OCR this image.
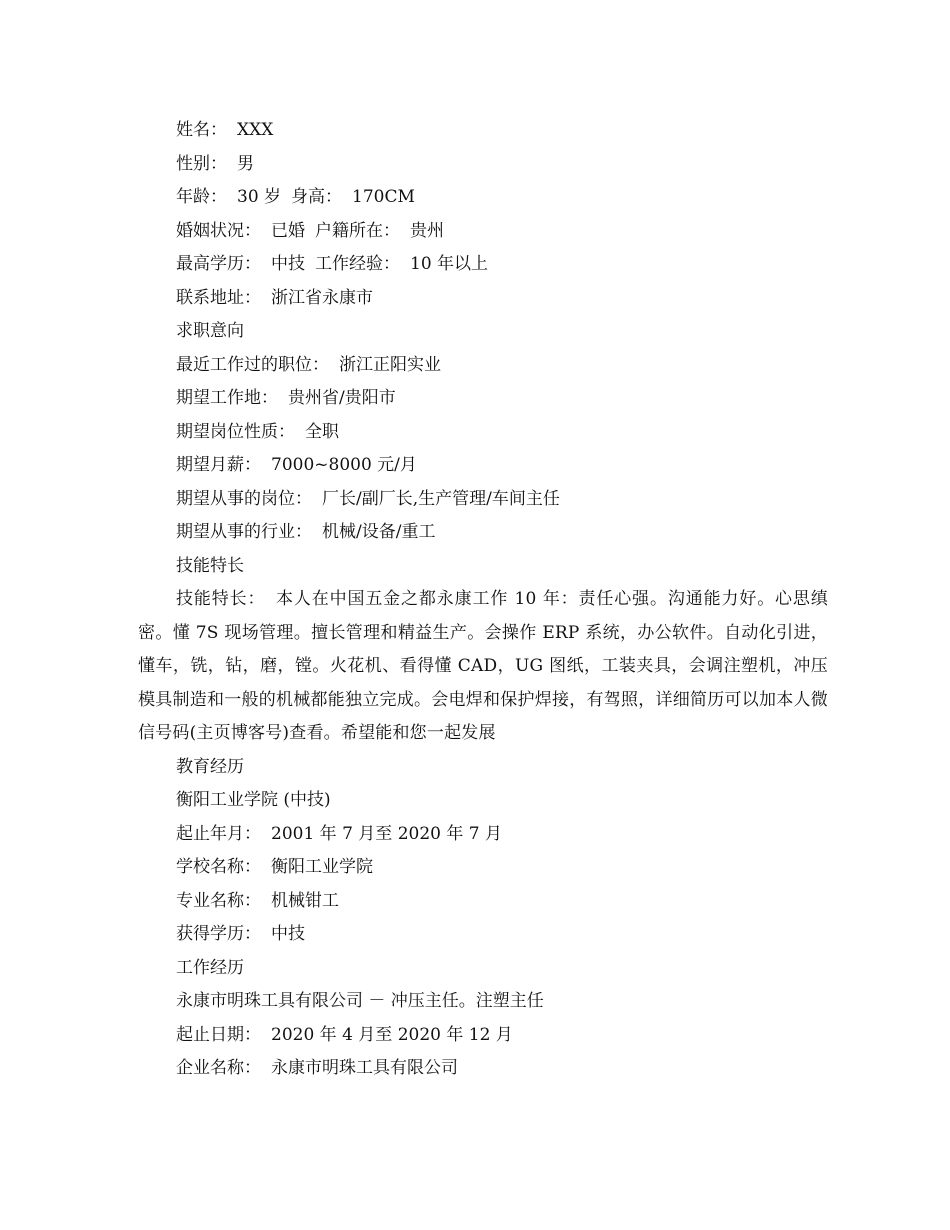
姓名： XXX
性别： 男
年龄： 30 岁 身高： 170CM
婚姻状况： 已婚 户籍所在： 贵州
最高学历： 中技 工作经验： 10 年以上
联系地址： 浙江省永康市
求职意向
最近工作过的职位： 浙江正阳实业
期望工作地： 贵州省/贵阳市
期望岗位性质： 全职
期望月薪： 7000~8000 元/月
期望从事的岗位： 厂长/副厂长,生产管理/车间主任
期望从事的行业： 机械/设备/重工
技能特长
技能特长： 本人在中国五金之都永康工作 10 年：责任心强。沟通能力好。心思缜密。懂 7S 现场管理。擅长管理和精益生产。会操作 ERP 系统，办公软件。自动化引进，懂车，铣，钻，磨，镗。火花机、看得懂 CAD，UG 图纸，工装夹具，会调注塑机，冲压模具制造和一般的机械都能独立完成。会电焊和保护焊接，有驾照，详细简历可以加本人微信号码(主页博客号)查看。希望能和您一起发展
教育经历
衡阳工业学院 (中技)
起止年月： 2001 年 7 月至 2020 年 7 月
学校名称： 衡阳工业学院
专业名称： 机械钳工
获得学历： 中技
工作经历
永康市明珠工具有限公司 － 冲压主任。注塑主任
起止日期： 2020 年 4 月至 2020 年 12 月
企业名称： 永康市明珠工具有限公司
